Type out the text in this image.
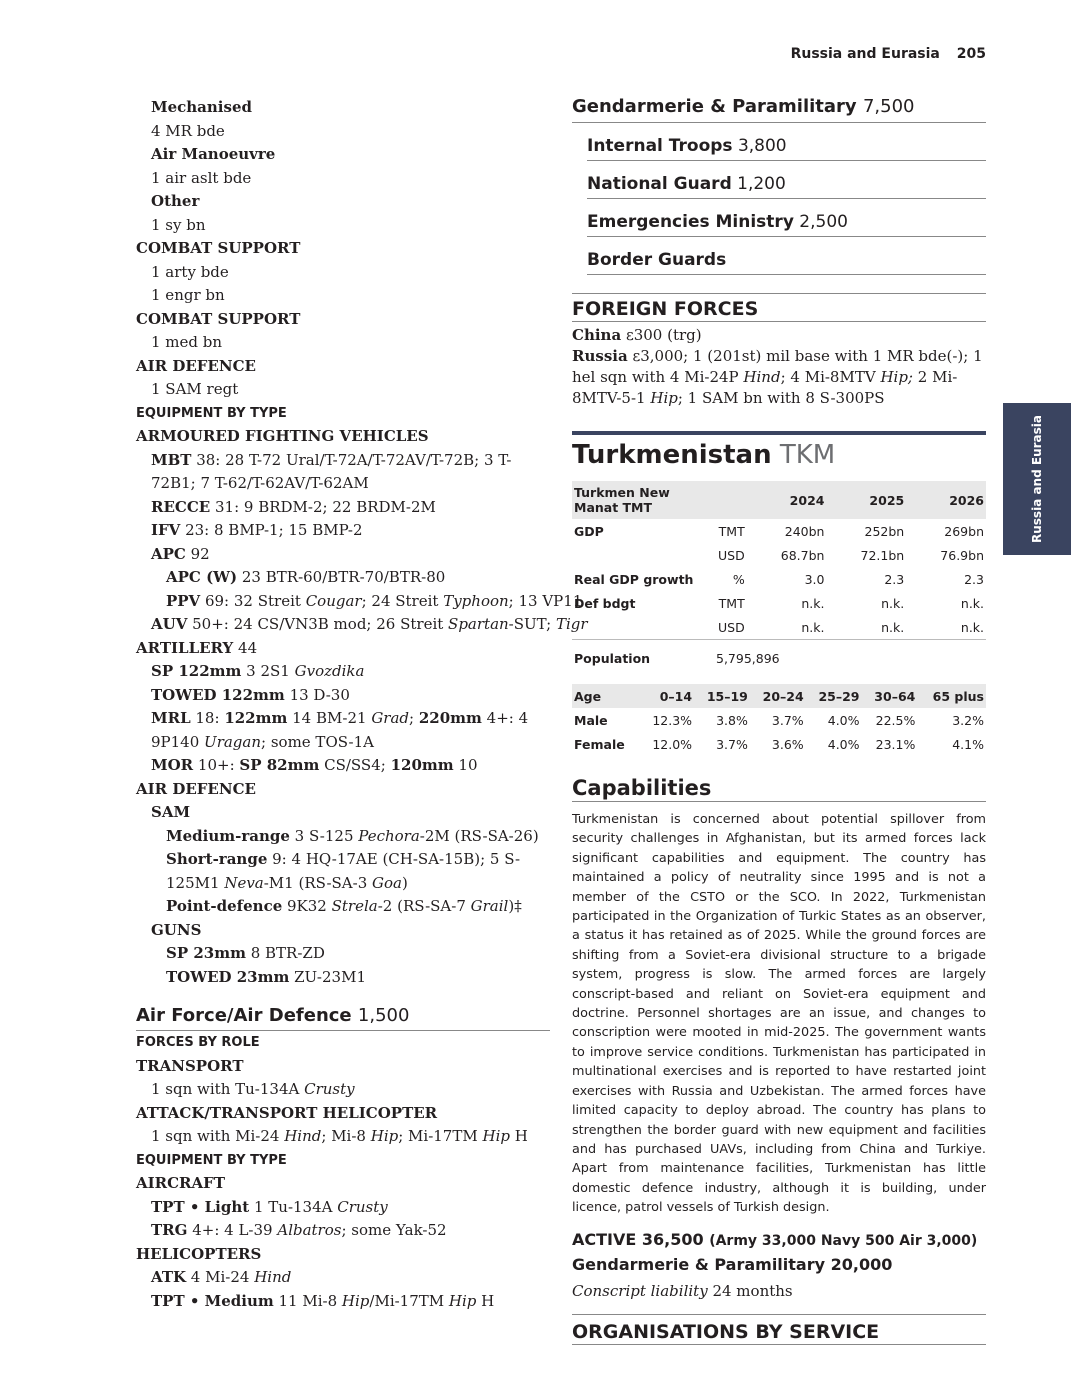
Russia and Eurasia 205
Russia and Eurasia
Mechanised
4 MR bde
Air Manoeuvre
1 air aslt bde
Other
1 sy bn
COMBAT SUPPORT
1 arty bde
1 engr bn
COMBAT SUPPORT
1 med bn
AIR DEFENCE
1 SAM regt
EQUIPMENT BY TYPE
ARMOURED FIGHTING VEHICLES
MBT 38: 28 T-72 Ural/T-72A/T-72AV/T-72B; 3 T-72B1; 7 T-62/T-62AV/T-62AM
RECCE 31: 9 BRDM-2; 22 BRDM-2M
IFV 23: 8 BMP-1; 15 BMP-2
APC 92
APC (W) 23 BTR-60/BTR-70/BTR-80
PPV 69: 32 Streit Cougar; 24 Streit Typhoon; 13 VP11
AUV 50+: 24 CS/VN3B mod; 26 Streit Spartan-SUT; Tigr
ARTILLERY 44
SP 122mm 3 2S1 Gvozdika
TOWED 122mm 13 D-30
MRL 18: 122mm 14 BM-21 Grad; 220mm 4+: 4 9P140 Uragan; some TOS-1A
MOR 10+: SP 82mm CS/SS4; 120mm 10
AIR DEFENCE
SAM
Medium-range 3 S-125 Pechora-2M (RS-SA-26)
Short-range 9: 4 HQ-17AE (CH-SA-15B); 5 S-125M1 Neva-M1 (RS-SA-3 Goa)
Point-defence 9K32 Strela-2 (RS-SA-7 Grail)‡
GUNS
SP 23mm 8 BTR-ZD
TOWED 23mm ZU-23M1
Air Force/Air Defence 1,500
FORCES BY ROLE
TRANSPORT
1 sqn with Tu-134A Crusty
ATTACK/TRANSPORT HELICOPTER
1 sqn with Mi-24 Hind; Mi-8 Hip; Mi-17TM Hip H
EQUIPMENT BY TYPE
AIRCRAFT
TPT • Light 1 Tu-134A Crusty
TRG 4+: 4 L-39 Albatros; some Yak-52
HELICOPTERS
ATK 4 Mi-24 Hind
TPT • Medium 11 Mi-8 Hip/Mi-17TM Hip H
Gendarmerie & Paramilitary 7,500
Internal Troops 3,800
National Guard 1,200
Emergencies Ministry 2,500
Border Guards
FOREIGN FORCES
China ε300 (trg)
Russia ε3,000; 1 (201st) mil base with 1 MR bde(-); 1 hel sqn with 4 Mi-24P Hind; 4 Mi-8MTV Hip; 2 Mi-8MTV-5-1 Hip; 1 SAM bn with 8 S-300PS
Turkmenistan TKM
Turkmen New Manat TMT		2024	2025	2026
GDP	TMT	240bn	252bn	269bn
	USD	68.7bn	72.1bn	76.9bn
Real GDP growth	%	3.0	2.3	2.3
Def bdgt	TMT	n.k.	n.k.	n.k.
	USD	n.k.	n.k.	n.k.
Population	5,795,896			
Age	0–14	15–19	20–24	25–29	30–64	65 plus
Male	12.3%	3.8%	3.7%	4.0%	22.5%	3.2%
Female	12.0%	3.7%	3.6%	4.0%	23.1%	4.1%
Capabilities
Turkmenistan is concerned about potential spillover from security challenges in Afghanistan, but its armed forces lack significant capabilities and equipment. The country has maintained a policy of neutrality since 1995 and is not a member of the CSTO or the SCO. In 2022, Turkmenistan participated in the Organization of Turkic States as an observer, a status it has retained as of 2025. While the ground forces are shifting from a Soviet-era divisional structure to a brigade system, progress is slow. The armed forces are largely conscript-based and reliant on Soviet-era equipment and doctrine. Personnel shortages are an issue, and changes to conscription were mooted in mid-2025. The government wants to improve service conditions. Turkmenistan has participated in multinational exercises and is reported to have restarted joint exercises with Russia and Uzbekistan. The armed forces have limited capacity to deploy abroad. The country has plans to strengthen the border guard with new equipment and facilities and has purchased UAVs, including from China and Turkiye. Apart from maintenance facilities, Turkmenistan has little domestic defence industry, although it is building, under licence, patrol vessels of Turkish design.
ACTIVE 36,500 (Army 33,000 Navy 500 Air 3,000)
Gendarmerie & Paramilitary 20,000
Conscript liability 24 months
ORGANISATIONS BY SERVICE
